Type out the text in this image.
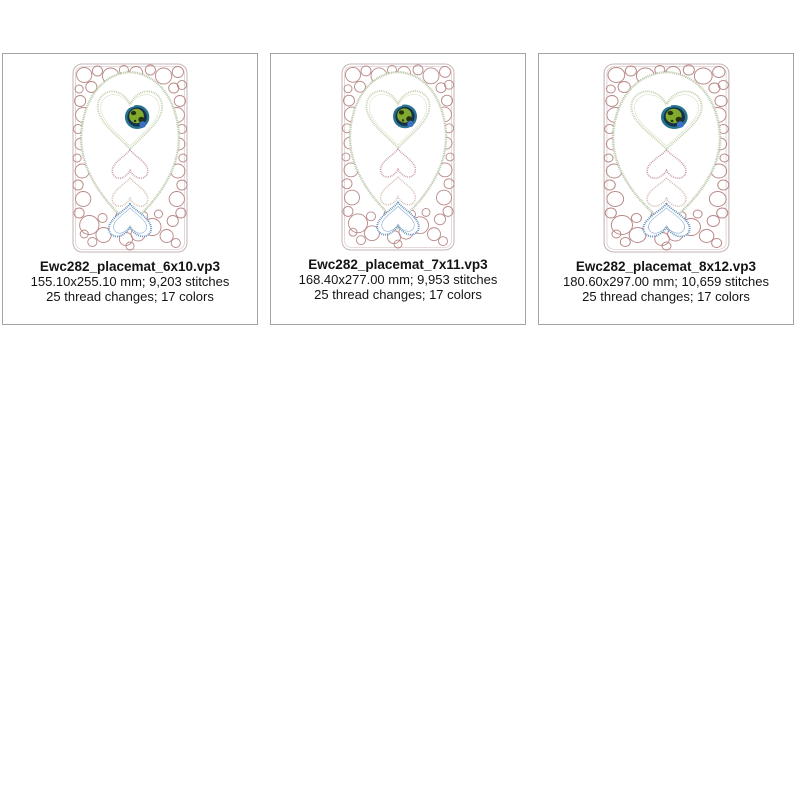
Ewc282_placemat_6x10.vp3
155.10x255.10 mm; 9,203 stitches
25 thread changes; 17 colors
Ewc282_placemat_7x11.vp3
168.40x277.00 mm; 9,953 stitches
25 thread changes; 17 colors
Ewc282_placemat_8x12.vp3
180.60x297.00 mm; 10,659 stitches
25 thread changes; 17 colors
